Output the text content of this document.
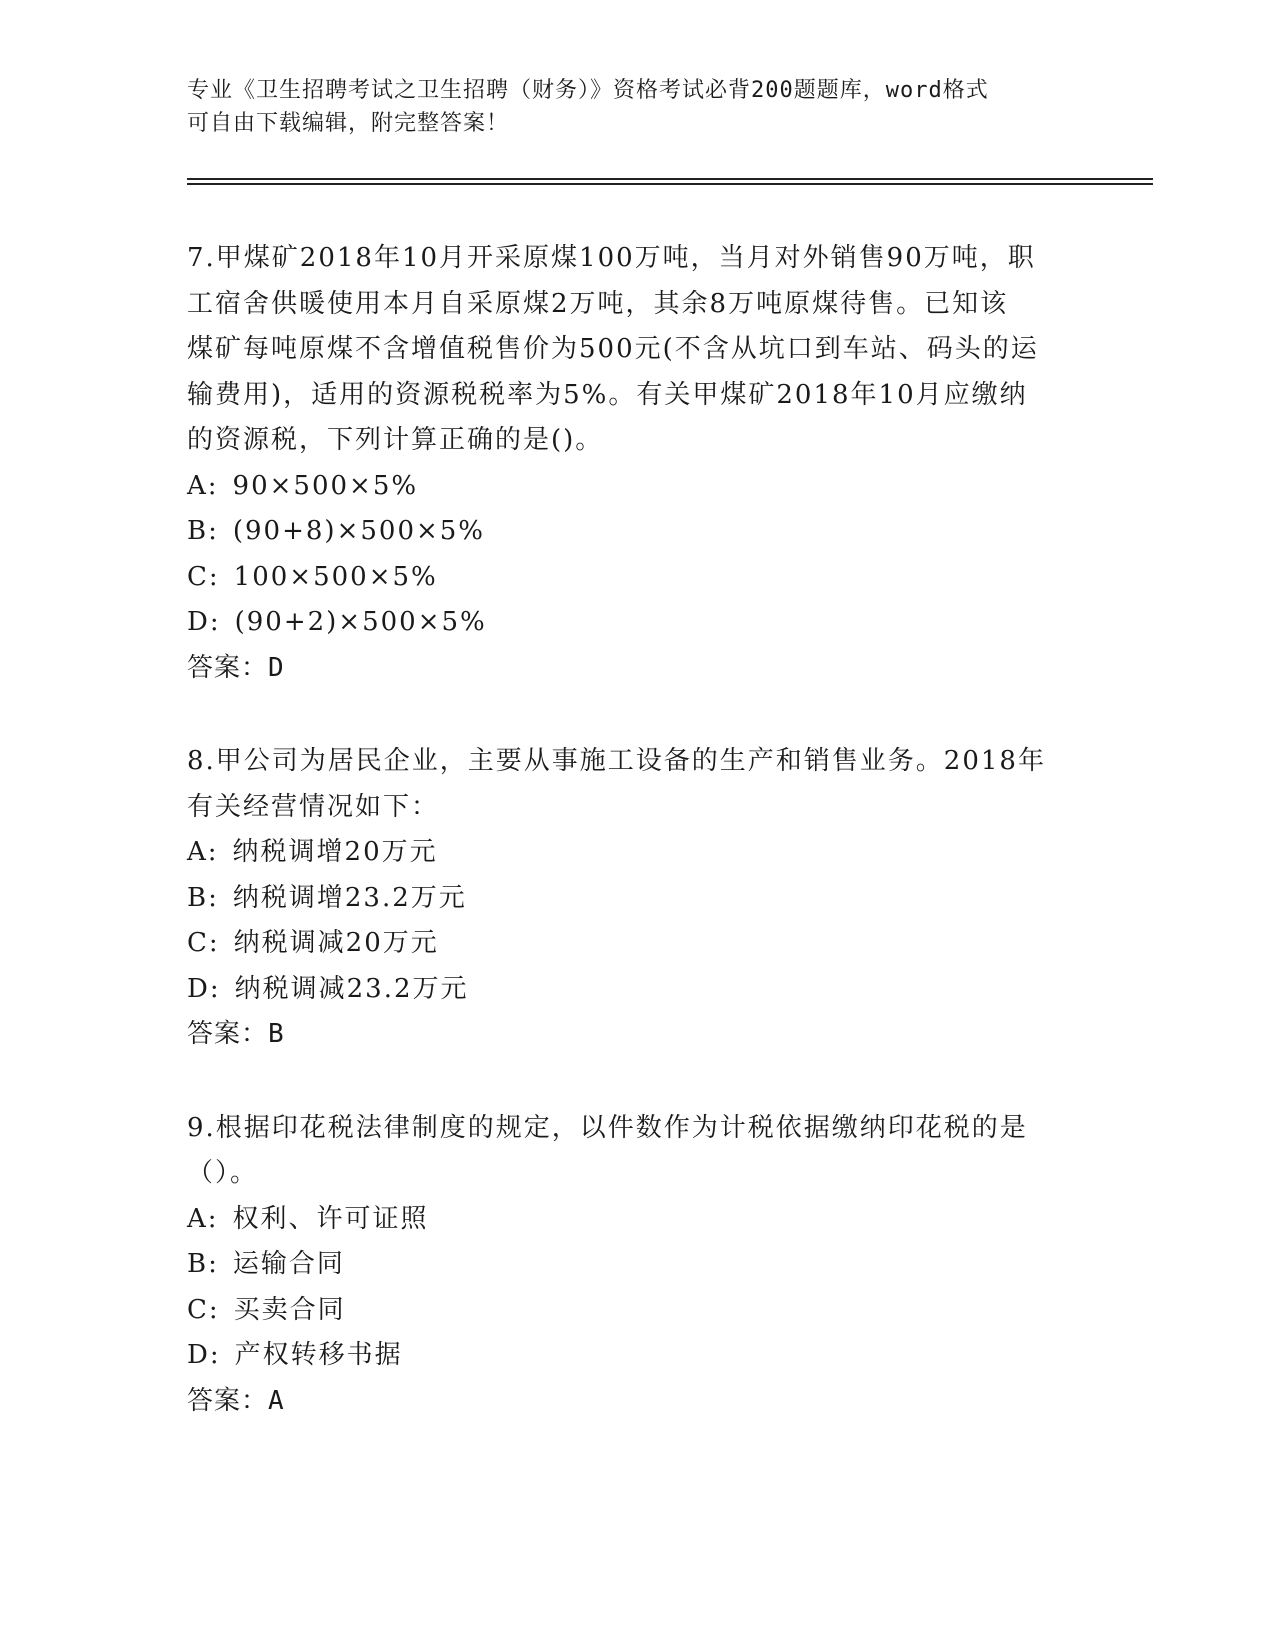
专业《卫生招聘考试之卫生招聘（财务）》资格考试必背200题题库，word格式
可自由下载编辑，附完整答案！

7.甲煤矿2018年10月开采原煤100万吨，当月对外销售90万吨，职

工宿舍供暖使用本月自采原煤2万吨，其余8万吨原煤待售。已知该

煤矿每吨原煤不含增值税售价为500元(不含从坑口到车站、码头的运

输费用)，适用的资源税税率为5%。有关甲煤矿2018年10月应缴纳

的资源税，下列计算正确的是()。

A: 90×500×5%

B: (90+8)×500×5%

C: 100×500×5%

D: (90+2)×500×5%

答案：D

8.甲公司为居民企业，主要从事施工设备的生产和销售业务。2018年

有关经营情况如下：

A: 纳税调增20万元

B: 纳税调增23.2万元

C: 纳税调减20万元

D: 纳税调减23.2万元

答案：B

9.根据印花税法律制度的规定，以件数作为计税依据缴纳印花税的是

（）。

A: 权利、许可证照

B: 运输合同

C: 买卖合同

D: 产权转移书据

答案：A
